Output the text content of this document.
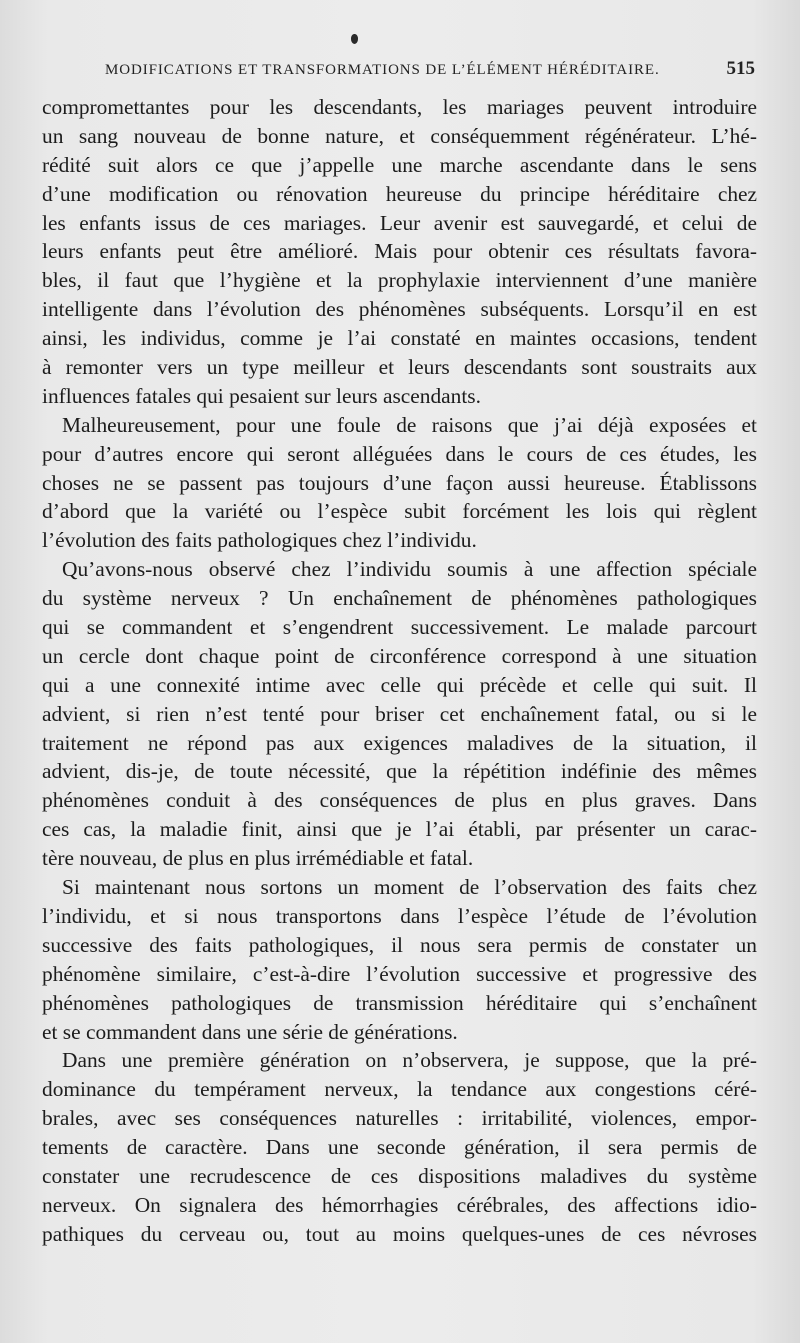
MODIFICATIONS ET TRANSFORMATIONS DE L’ÉLÉMENT HÉRÉDITAIRE.	515
compromettantes pour les descendants, les mariages peuvent introduire
un sang nouveau de bonne nature, et conséquemment régénérateur. L’hé-
rédité suit alors ce que j’appelle une marche ascendante dans le sens
d’une modification ou rénovation heureuse du principe héréditaire chez
les enfants issus de ces mariages. Leur avenir est sauvegardé, et celui de
leurs enfants peut être amélioré. Mais pour obtenir ces résultats favora-
bles, il faut que l’hygiène et la prophylaxie interviennent d’une manière
intelligente dans l’évolution des phénomènes subséquents. Lorsqu’il en est
ainsi, les individus, comme je l’ai constaté en maintes occasions, tendent
à remonter vers un type meilleur et leurs descendants sont soustraits aux
influences fatales qui pesaient sur leurs ascendants.
Malheureusement, pour une foule de raisons que j’ai déjà exposées et
pour d’autres encore qui seront alléguées dans le cours de ces études, les
choses ne se passent pas toujours d’une façon aussi heureuse. Établissons
d’abord que la variété ou l’espèce subit forcément les lois qui règlent
l’évolution des faits pathologiques chez l’individu.
Qu’avons-nous observé chez l’individu soumis à une affection spéciale
du système nerveux ? Un enchaînement de phénomènes pathologiques
qui se commandent et s’engendrent successivement. Le malade parcourt
un cercle dont chaque point de circonférence correspond à une situation
qui a une connexité intime avec celle qui précède et celle qui suit. Il
advient, si rien n’est tenté pour briser cet enchaînement fatal, ou si le
traitement ne répond pas aux exigences maladives de la situation, il
advient, dis-je, de toute nécessité, que la répétition indéfinie des mêmes
phénomènes conduit à des conséquences de plus en plus graves. Dans
ces cas, la maladie finit, ainsi que je l’ai établi, par présenter un carac-
tère nouveau, de plus en plus irrémédiable et fatal.
Si maintenant nous sortons un moment de l’observation des faits chez
l’individu, et si nous transportons dans l’espèce l’étude de l’évolution
successive des faits pathologiques, il nous sera permis de constater un
phénomène similaire, c’est-à-dire l’évolution successive et progressive des
phénomènes pathologiques de transmission héréditaire qui s’enchaînent
et se commandent dans une série de générations.
Dans une première génération on n’observera, je suppose, que la pré-
dominance du tempérament nerveux, la tendance aux congestions céré-
brales, avec ses conséquences naturelles : irritabilité, violences, empor-
tements de caractère. Dans une seconde génération, il sera permis de
constater une recrudescence de ces dispositions maladives du système
nerveux. On signalera des hémorrhagies cérébrales, des affections idio-
pathiques du cerveau ou, tout au moins quelques-unes de ces névroses
